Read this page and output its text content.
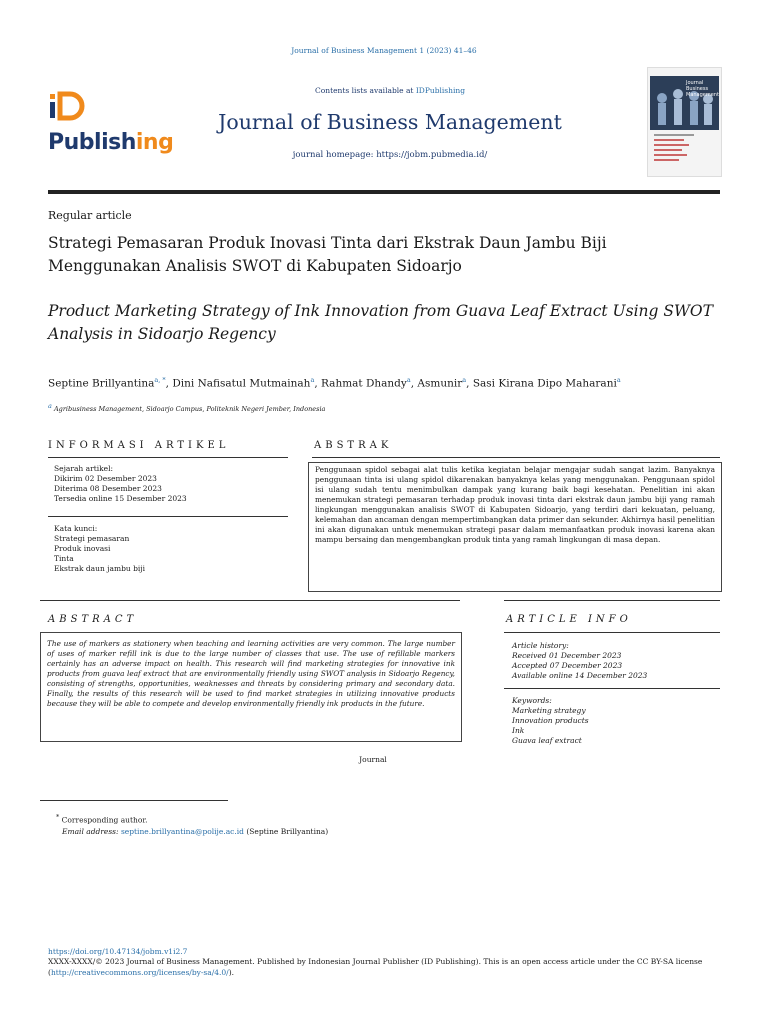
Journal of Business Management 1 (2023) 41–46
Publishing
Contents lists available at IDPublishing
Journal of Business Management
journal homepage: https://jobm.pubmedia.id/
Journal Business Management
Regular article
Strategi Pemasaran Produk Inovasi Tinta dari Ekstrak Daun Jambu Biji Menggunakan Analisis SWOT di Kabupaten Sidoarjo
Product Marketing Strategy of Ink Innovation from Guava Leaf Extract Using SWOT Analysis in Sidoarjo Regency
Septine Brillyantina$^{a, *}$, Dini Nafisatul Mutmainah$^a$, Rahmat Dhandy$^a$, Asmunir$^a$, Sasi Kirana Dipo Maharani$^a$
$^a$ Agribusiness Management, Sidoarjo Campus, Politeknik Negeri Jember, Indonesia
INFORMASI ARTIKEL
Sejarah artikel:
Dikirim 02 Desember 2023
Diterima 08 Desember 2023
Tersedia online 15 Desember 2023
Kata kunci:
Strategi pemasaran
Produk inovasi
Tinta
Ekstrak daun jambu biji
ABSTRAK
Penggunaan spidol sebagai alat tulis ketika kegiatan belajar mengajar sudah sangat lazim. Banyaknya penggunaan tinta isi ulang spidol dikarenakan banyaknya kelas yang menggunakan. Penggunaan spidol isi ulang sudah tentu menimbulkan dampak yang kurang baik bagi kesehatan. Penelitian ini akan menemukan strategi pemasaran terhadap produk inovasi tinta dari ekstrak daun jambu biji yang ramah lingkungan menggunakan analisis SWOT di Kabupaten Sidoarjo, yang terdiri dari kekuatan, peluang, kelemahan dan ancaman dengan mempertimbangkan data primer dan sekunder. Akhirnya hasil penelitian ini akan digunakan untuk menemukan strategi pasar dalam memanfaatkan produk inovasi karena akan mampu bersaing dan mengembangkan produk tinta yang ramah lingkungan di masa depan.
ABSTRACT
The use of markers as stationery when teaching and learning activities are very common. The large number of uses of marker refill ink is due to the large number of classes that use. The use of refillable markers certainly has an adverse impact on health. This research will find marketing strategies for innovative ink products from guava leaf extract that are environmentally friendly using SWOT analysis in Sidoarjo Regency, consisting of strengths, opportunities, weaknesses and threats by considering primary and secondary data. Finally, the results of this research will be used to find market strategies in utilizing innovative products because they will be able to compete and develop environmentally friendly ink products in the future.
Journal
ARTICLE INFO
Article history:
Received 01 December 2023
Accepted 07 December 2023
Available online 14 December 2023
Keywords:
Marketing strategy
Innovation products
Ink
Guava leaf extract
* Corresponding author.
Email address: septine.brillyantina@polije.ac.id (Septine Brillyantina)
https://doi.org/10.47134/jobm.v1i2.7
XXXX-XXXX/© 2023 Journal of Business Management. Published by Indonesian Journal Publisher (ID Publishing). This is an open access article under the CC BY-SA license
(http://creativecommons.org/licenses/by-sa/4.0/).
